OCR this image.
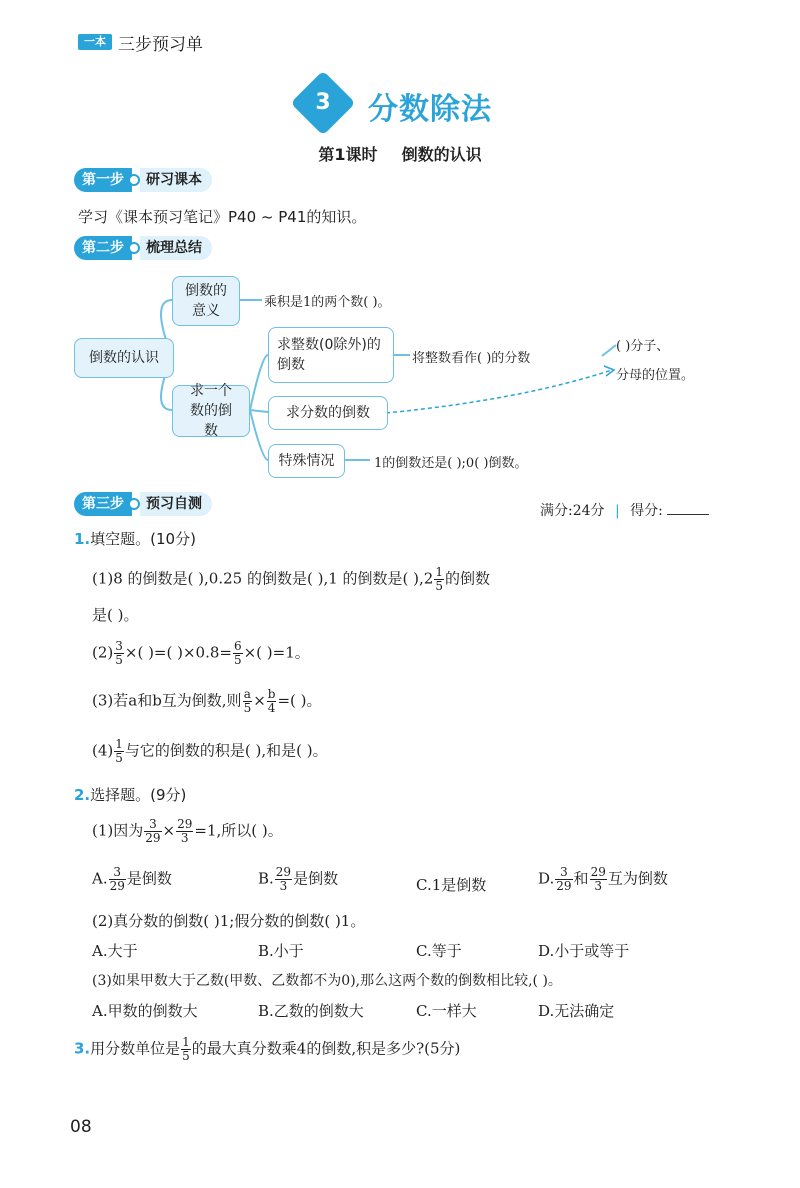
一本 三步预习单
3	分数除法
第1课时 倒数的认识
第一步	研习课本
学习《课本预习笔记》P40 ~ P41的知识。
第二步	梳理总结
倒数的认识
倒数的意义
求一个数的倒数
求整数(0除外)的倒数
求分数的倒数
特殊情况
乘积是1的两个数( )。
将整数看作( )的分数
( )分子、
分母的位置。
1的倒数还是( );0( )倒数。
第三步	预习自测	满分:24分 | 得分:
1.填空题。(10分)
(1)8 的倒数是( ),0.25 的倒数是( ),1 的倒数是( )$,2 \frac{1}{5}$ 的倒数
是( )。
$(2) \frac{3}{5}$ ×( )=( )$\times 0.8= \frac{6}{5}$ ×( )=1。
(3)若a和b互为倒数,则 $\frac{a}{5} \times \frac{b}{4}$ =( )。
$(4) \frac{1}{5}$ 与它的倒数的积是( ),和是( )。
2.选择题。(9分)
(1)因为 $\frac{3}{29} \times \frac{29}{3} =1$,所以( )。
A. $\frac{3}{29}$ 是倒数	B. $\frac{29}{3}$ 是倒数	C.1是倒数	D. $\frac{3}{29}$ 和 $\frac{29}{3}$ 互为倒数
(2)真分数的倒数( )1;假分数的倒数( )1。
A.大于	B.小于	C.等于	D.小于或等于
(3)如果甲数大于乙数(甲数、乙数都不为0),那么这两个数的倒数相比较,( )。
A.甲数的倒数大	B.乙数的倒数大	C.一样大	D.无法确定
3.用分数单位是 $\frac{1}{5}$ 的最大真分数乘4的倒数,积是多少?(5分)
08
